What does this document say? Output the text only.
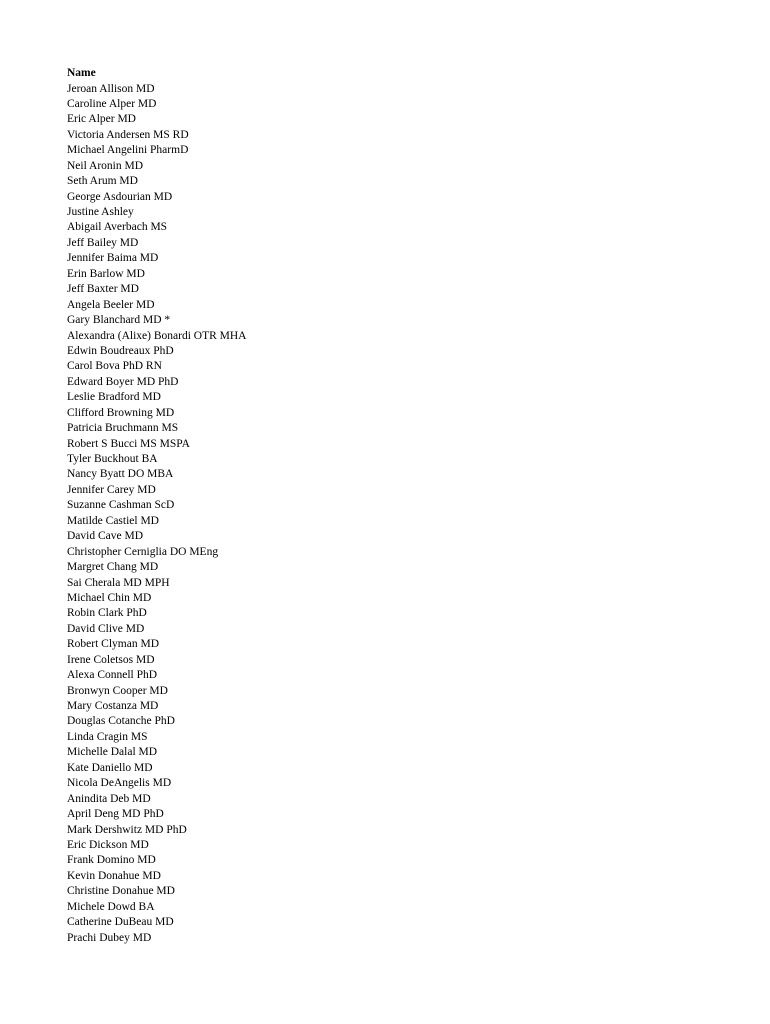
Name
Jeroan Allison MD
Caroline Alper MD
Eric Alper MD
Victoria Andersen MS RD
Michael Angelini PharmD
Neil Aronin MD
Seth Arum MD
George Asdourian MD
Justine Ashley
Abigail Averbach MS
Jeff Bailey MD
Jennifer Baima MD
Erin Barlow MD
Jeff Baxter MD
Angela Beeler MD
Gary Blanchard MD *
Alexandra (Alixe) Bonardi OTR MHA
Edwin Boudreaux PhD
Carol Bova PhD RN
Edward Boyer MD PhD
Leslie Bradford MD
Clifford Browning MD
Patricia Bruchmann MS
Robert S Bucci MS MSPA
Tyler Buckhout BA
Nancy Byatt DO MBA
Jennifer Carey MD
Suzanne Cashman ScD
Matilde Castiel MD
David Cave MD
Christopher Cerniglia DO MEng
Margret Chang MD
Sai Cherala MD MPH
Michael Chin MD
Robin Clark PhD
David Clive MD
Robert Clyman MD
Irene Coletsos MD
Alexa Connell PhD
Bronwyn Cooper MD
Mary Costanza MD
Douglas Cotanche PhD
Linda Cragin MS
Michelle Dalal MD
Kate Daniello MD
Nicola DeAngelis MD
Anindita Deb MD
April Deng MD PhD
Mark Dershwitz MD PhD
Eric Dickson MD
Frank Domino MD
Kevin Donahue MD
Christine Donahue MD
Michele Dowd BA
Catherine DuBeau MD
Prachi Dubey MD
